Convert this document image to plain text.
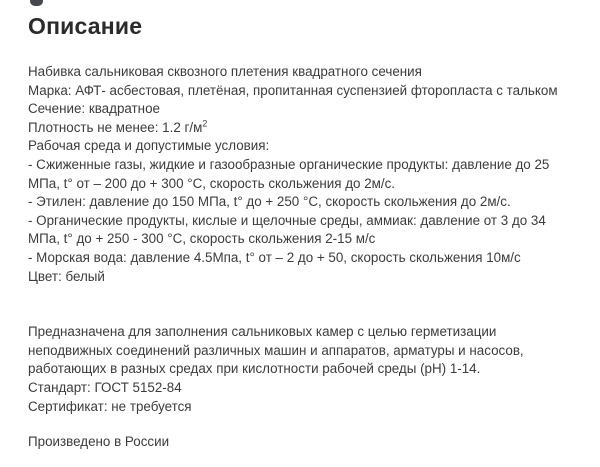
Описание

Набивка сальниковая сквозного плетения квадратного сечения

Марка: АФТ- асбестовая, плетёная, пропитанная суспензией фторопласта с тальком

Сечение: квадратное

Плотность не менее: 1.2 $г/м^2$

Рабочая среда и допустимые условия:

- Сжиженные газы, жидкие и газообразные органические продукты: давление до 25 МПа, t° от – 200 до + 300 °С, скорость скольжения до 2м/с.

- Этилен: давление до 150 МПа, t° до + 250 °С, скорость скольжения до 2м/с.

- Органические продукты, кислые и щелочные среды, аммиак: давление от 3 до 34 МПа, t° до + 250 - 300 °С, скорость скольжения 2-15 м/с

- Морская вода: давление 4.5Мпа, t° от – 2 до + 50, скорость скольжения 10м/с

Цвет: белый

Предназначена для заполнения сальниковых камер с целью герметизации неподвижных соединений различных машин и аппаратов, арматуры и насосов, работающих в разных средах при кислотности рабочей среды (рН) 1-14.

Стандарт: ГОСТ 5152-84

Сертификат: не требуется

Произведено в России
